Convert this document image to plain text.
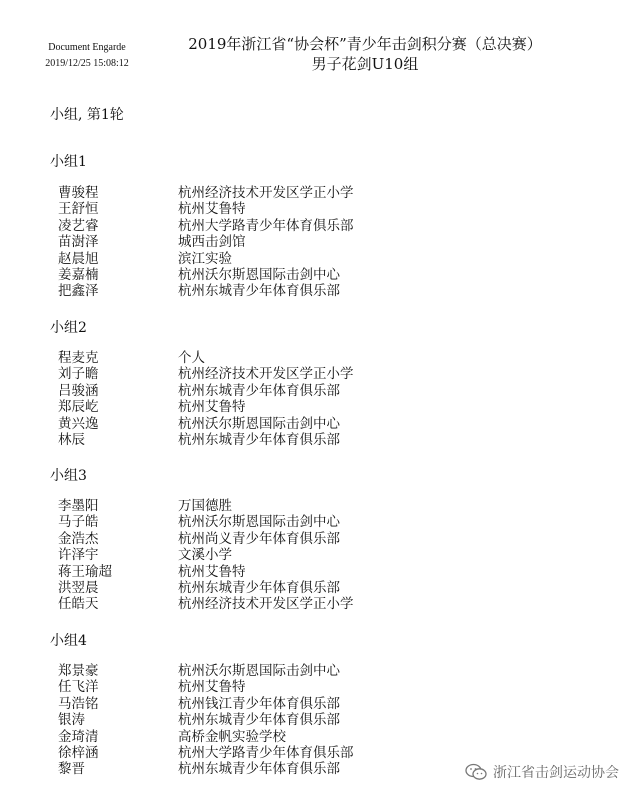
Document Engarde
2019/12/25 15:08:12
2019年浙江省“协会杯”青少年击剑积分赛（总决赛）
男子花剑U10组
小组, 第1轮
小组1
曹骏程	杭州经济技术开发区学正小学
王舒恒	杭州艾鲁特
凌艺睿	杭州大学路青少年体育俱乐部
苗澍泽	城西击剑馆
赵晨旭	滨江实验
姜嘉楠	杭州沃尔斯恩国际击剑中心
把鑫泽	杭州东城青少年体育俱乐部
小组2
程麦克	个人
刘子瞻	杭州经济技术开发区学正小学
吕骏涵	杭州东城青少年体育俱乐部
郑辰屹	杭州艾鲁特
黄兴逸	杭州沃尔斯恩国际击剑中心
林辰	杭州东城青少年体育俱乐部
小组3
李墨阳	万国德胜
马子皓	杭州沃尔斯恩国际击剑中心
金浩杰	杭州尚义青少年体育俱乐部
许泽宇	文溪小学
蒋王瑜超	杭州艾鲁特
洪翌晨	杭州东城青少年体育俱乐部
任皓天	杭州经济技术开发区学正小学
小组4
郑景豪	杭州沃尔斯恩国际击剑中心
任飞洋	杭州艾鲁特
马浩铭	杭州钱江青少年体育俱乐部
银涛	杭州东城青少年体育俱乐部
金琦清	高桥金帆实验学校
徐梓涵	杭州大学路青少年体育俱乐部
黎晋	杭州东城青少年体育俱乐部	浙江省击剑运动协会
